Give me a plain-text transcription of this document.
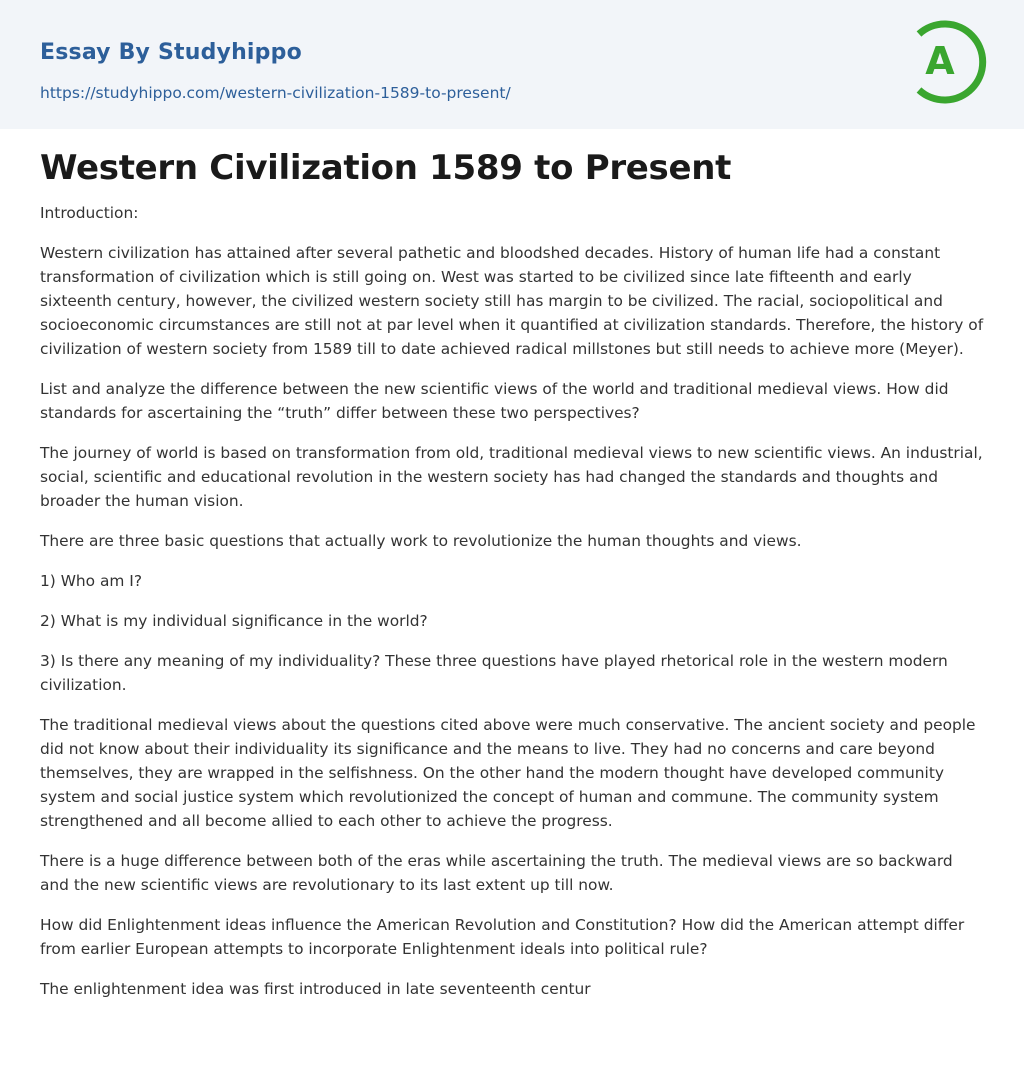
Essay By Studyhippo
https://studyhippo.com/western-civilization-1589-to-present/
A
Western Civilization 1589 to Present

Introduction:

Western civilization has attained after several pathetic and bloodshed decades. History of human life had a constant transformation of civilization which is still going on. West was started to be civilized since late fifteenth and early sixteenth century, however, the civilized western society still has margin to be civilized. The racial, sociopolitical and socioeconomic circumstances are still not at par level when it quantified at civilization standards. Therefore, the history of civilization of western society from 1589 till to date achieved radical millstones but still needs to achieve more (Meyer).

List and analyze the difference between the new scientific views of the world and traditional medieval views. How did standards for ascertaining the “truth” differ between these two perspectives?

The journey of world is based on transformation from old, traditional medieval views to new scientific views. An industrial, social, scientific and educational revolution in the western society has had changed the standards and thoughts and broader the human vision.

There are three basic questions that actually work to revolutionize the human thoughts and views.

1) Who am I?

2) What is my individual significance in the world?

3) Is there any meaning of my individuality? These three questions have played rhetorical role in the western modern civilization.

The traditional medieval views about the questions cited above were much conservative. The ancient society and people did not know about their individuality its significance and the means to live. They had no concerns and care beyond themselves, they are wrapped in the selfishness. On the other hand the modern thought have developed community system and social justice system which revolutionized the concept of human and commune. The community system strengthened and all become allied to each other to achieve the progress.

There is a huge difference between both of the eras while ascertaining the truth. The medieval views are so backward and the new scientific views are revolutionary to its last extent up till now.

How did Enlightenment ideas influence the American Revolution and Constitution? How did the American attempt differ from earlier European attempts to incorporate Enlightenment ideals into political rule?

The enlightenment idea was first introduced in late seventeenth centur
